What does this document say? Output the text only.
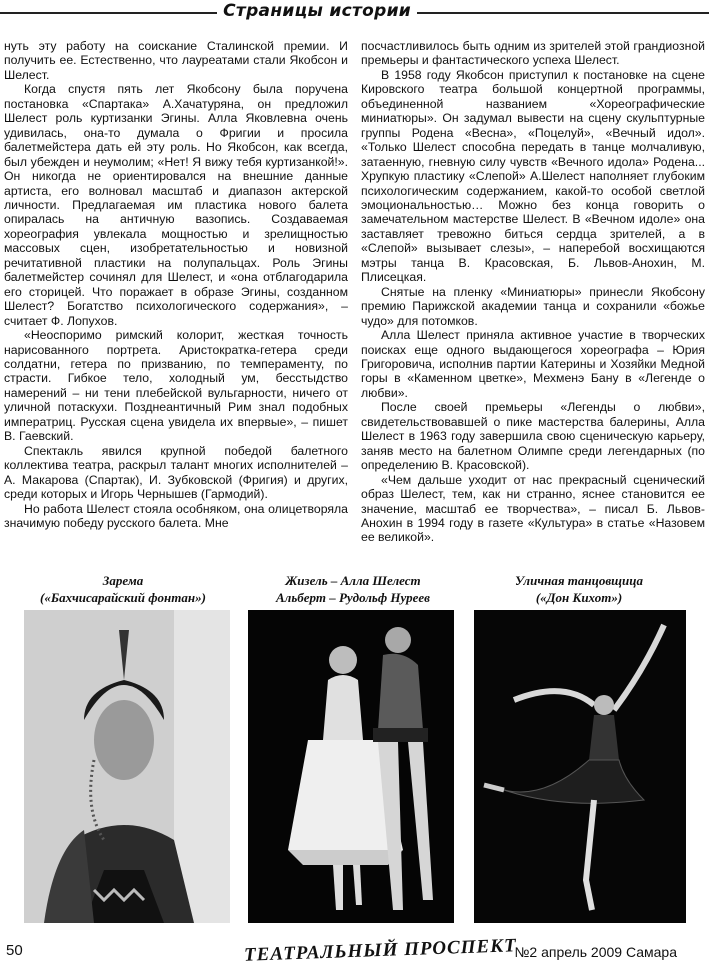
Страницы истории

нуть эту работу на соискание Сталинской премии. И получить ее. Естественно, что лауреатами стали Якобсон и Шелест.

Когда спустя пять лет Якобсону была поручена постановка «Спартака» А.Хачатуряна, он предложил Шелест роль куртизанки Эгины. Алла Яковлевна очень удивилась, она-то думала о Фригии и просила балетмейстера дать ей эту роль. Но Якобсон, как всегда, был убежден и неумолим; «Нет! Я вижу тебя куртизанкой!». Он никогда не ориентировался на внешние данные артиста, его волновал масштаб и диапазон актерской личности. Предлагаемая им пластика нового балета опиралась на античную вазопись. Создаваемая хореография увлекала мощностью и зрелищностью массовых сцен, изобретательностью и новизной речитативной пластики на полупальцах. Роль Эгины балетмейстер сочинял для Шелест, и «она отблагодарила его сторицей. Что поражает в образе Эгины, созданном Шелест? Богатство психологического содержания», – считает Ф. Лопухов.

«Неоспоримо римский колорит, жесткая точность нарисованного портрета. Аристократка-гетера среди солдатни, гетера по призванию, по темпераменту, по страсти. Гибкое тело, холодный ум, бесстыдство намерений – ни тени плебейской вульгарности, ничего от уличной потаскухи. Позднеантичный Рим знал подобных императриц. Русская сцена увидела их впервые», – пишет В. Гаевский.

Спектакль явился крупной победой балетного коллектива театра, раскрыл талант многих исполнителей – А. Макарова (Спартак), И. Зубковской (Фригия) и других, среди которых и Игорь Чернышев (Гармодий).

Но работа Шелест стояла особняком, она олицетворяла значимую победу русского балета. Мне

посчастливилось быть одним из зрителей этой грандиозной премьеры и фантастического успеха Шелест.

В 1958 году Якобсон приступил к постановке на сцене Кировского театра большой концертной программы, объединенной названием «Хореографические миниатюры». Он задумал вывести на сцену скульптурные группы Родена «Весна», «Поцелуй», «Вечный идол». «Только Шелест способна передать в танце молчаливую, затаенную, гневную силу чувств «Вечного идола» Родена... Хрупкую пластику «Слепой» А.Шелест наполняет глубоким психологическим содержанием, какой-то особой светлой эмоциональностью… Можно без конца говорить о замечательном мастерстве Шелест. В «Вечном идоле» она заставляет тревожно биться сердца зрителей, а в «Слепой» вызывает слезы», – наперебой восхищаются мэтры танца В. Красовская, Б. Львов-Анохин, М. Плисецкая.

Снятые на пленку «Миниатюры» принесли Якобсону премию Парижской академии танца и сохранили «божье чудо» для потомков.

Алла Шелест приняла активное участие в творческих поисках еще одного выдающегося хореографа – Юрия Григоровича, исполнив партии Катерины и Хозяйки Медной горы в «Каменном цветке», Мехменэ Бану в «Легенде о любви».

После своей премьеры «Легенды о любви», свидетельствовавшей о пике мастерства балерины, Алла Шелест в 1963 году завершила свою сценическую карьеру, заняв место на балетном Олимпе среди легендарных (по определению В. Красовской).

«Чем дальше уходит от нас прекрасный сценический образ Шелест, тем, как ни странно, яснее становится ее значение, масштаб ее творчества», – писал Б. Львов-Анохин в 1994 году в газете «Культура» в статье «Назовем ее великой».

Зарема
(«Бахчисарайский фонтан»)
Жизель – Алла Шелест
Альберт – Рудольф Нуреев
Уличная танцовщица
(«Дон Кихот»)
50	ТЕАТРАЛЬНЫЙ ПРОСПЕКТ
№2 апрель 2009 Самара
